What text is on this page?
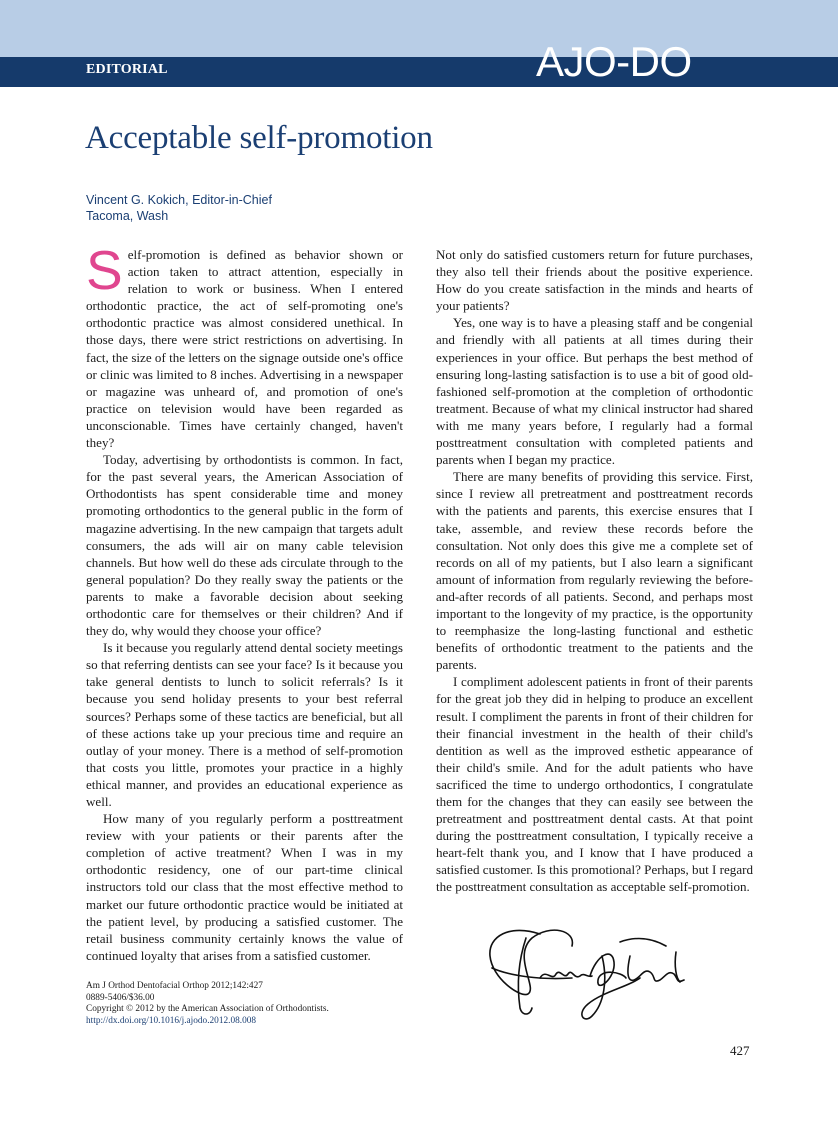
EDITORIAL	AJO-DO
Acceptable self-promotion
Vincent G. Kokich, Editor-in-Chief
Tacoma, Wash

Self-promotion is defined as behavior shown or action taken to attract attention, especially in relation to work or business. When I entered orthodontic practice, the act of self-promoting one's orthodontic practice was almost considered unethical. In those days, there were strict restrictions on advertising. In fact, the size of the letters on the signage outside one's office or clinic was limited to 8 inches. Advertising in a newspaper or magazine was unheard of, and promotion of one's practice on television would have been regarded as unconscionable. Times have certainly changed, haven't they?

Today, advertising by orthodontists is common. In fact, for the past several years, the American Association of Orthodontists has spent considerable time and money promoting orthodontics to the general public in the form of magazine advertising. In the new campaign that targets adult consumers, the ads will air on many cable television channels. But how well do these ads circulate through to the general population? Do they really sway the patients or the parents to make a favorable decision about seeking orthodontic care for themselves or their children? And if they do, why would they choose your office?

Is it because you regularly attend dental society meetings so that referring dentists can see your face? Is it because you take general dentists to lunch to solicit referrals? Is it because you send holiday presents to your best referral sources? Perhaps some of these tactics are beneficial, but all of these actions take up your precious time and require an outlay of your money. There is a method of self-promotion that costs you little, promotes your practice in a highly ethical manner, and provides an educational experience as well.

How many of you regularly perform a posttreatment review with your patients or their parents after the completion of active treatment? When I was in my orthodontic residency, one of our part-time clinical instructors told our class that the most effective method to market our future orthodontic practice would be initiated at the patient level, by producing a satisfied customer. The retail business community certainly knows the value of continued loyalty that arises from a satisfied customer.

Not only do satisfied customers return for future purchases, they also tell their friends about the positive experience. How do you create satisfaction in the minds and hearts of your patients?

Yes, one way is to have a pleasing staff and be congenial and friendly with all patients at all times during their experiences in your office. But perhaps the best method of ensuring long-lasting satisfaction is to use a bit of good old-fashioned self-promotion at the completion of orthodontic treatment. Because of what my clinical instructor had shared with me many years before, I regularly had a formal posttreatment consultation with completed patients and parents when I began my practice.

There are many benefits of providing this service. First, since I review all pretreatment and posttreatment records with the patients and parents, this exercise ensures that I take, assemble, and review these records before the consultation. Not only does this give me a complete set of records on all of my patients, but I also learn a significant amount of information from regularly reviewing the before-and-after records of all patients. Second, and perhaps most important to the longevity of my practice, is the opportunity to reemphasize the long-lasting functional and esthetic benefits of orthodontic treatment to the patients and the parents.

I compliment adolescent patients in front of their parents for the great job they did in helping to produce an excellent result. I compliment the parents in front of their children for their financial investment in the health of their child's dentition as well as the improved esthetic appearance of their child's smile. And for the adult patients who have sacrificed the time to undergo orthodontics, I congratulate them for the changes that they can easily see between the pretreatment and posttreatment dental casts. At that point during the posttreatment consultation, I typically receive a heart-felt thank you, and I know that I have produced a satisfied customer. Is this promotional? Perhaps, but I regard the posttreatment consultation as acceptable self-promotion.

Am J Orthod Dentofacial Orthop 2012;142:427
0889-5406/$36.00
Copyright © 2012 by the American Association of Orthodontists.
http://dx.doi.org/10.1016/j.ajodo.2012.08.008
427
